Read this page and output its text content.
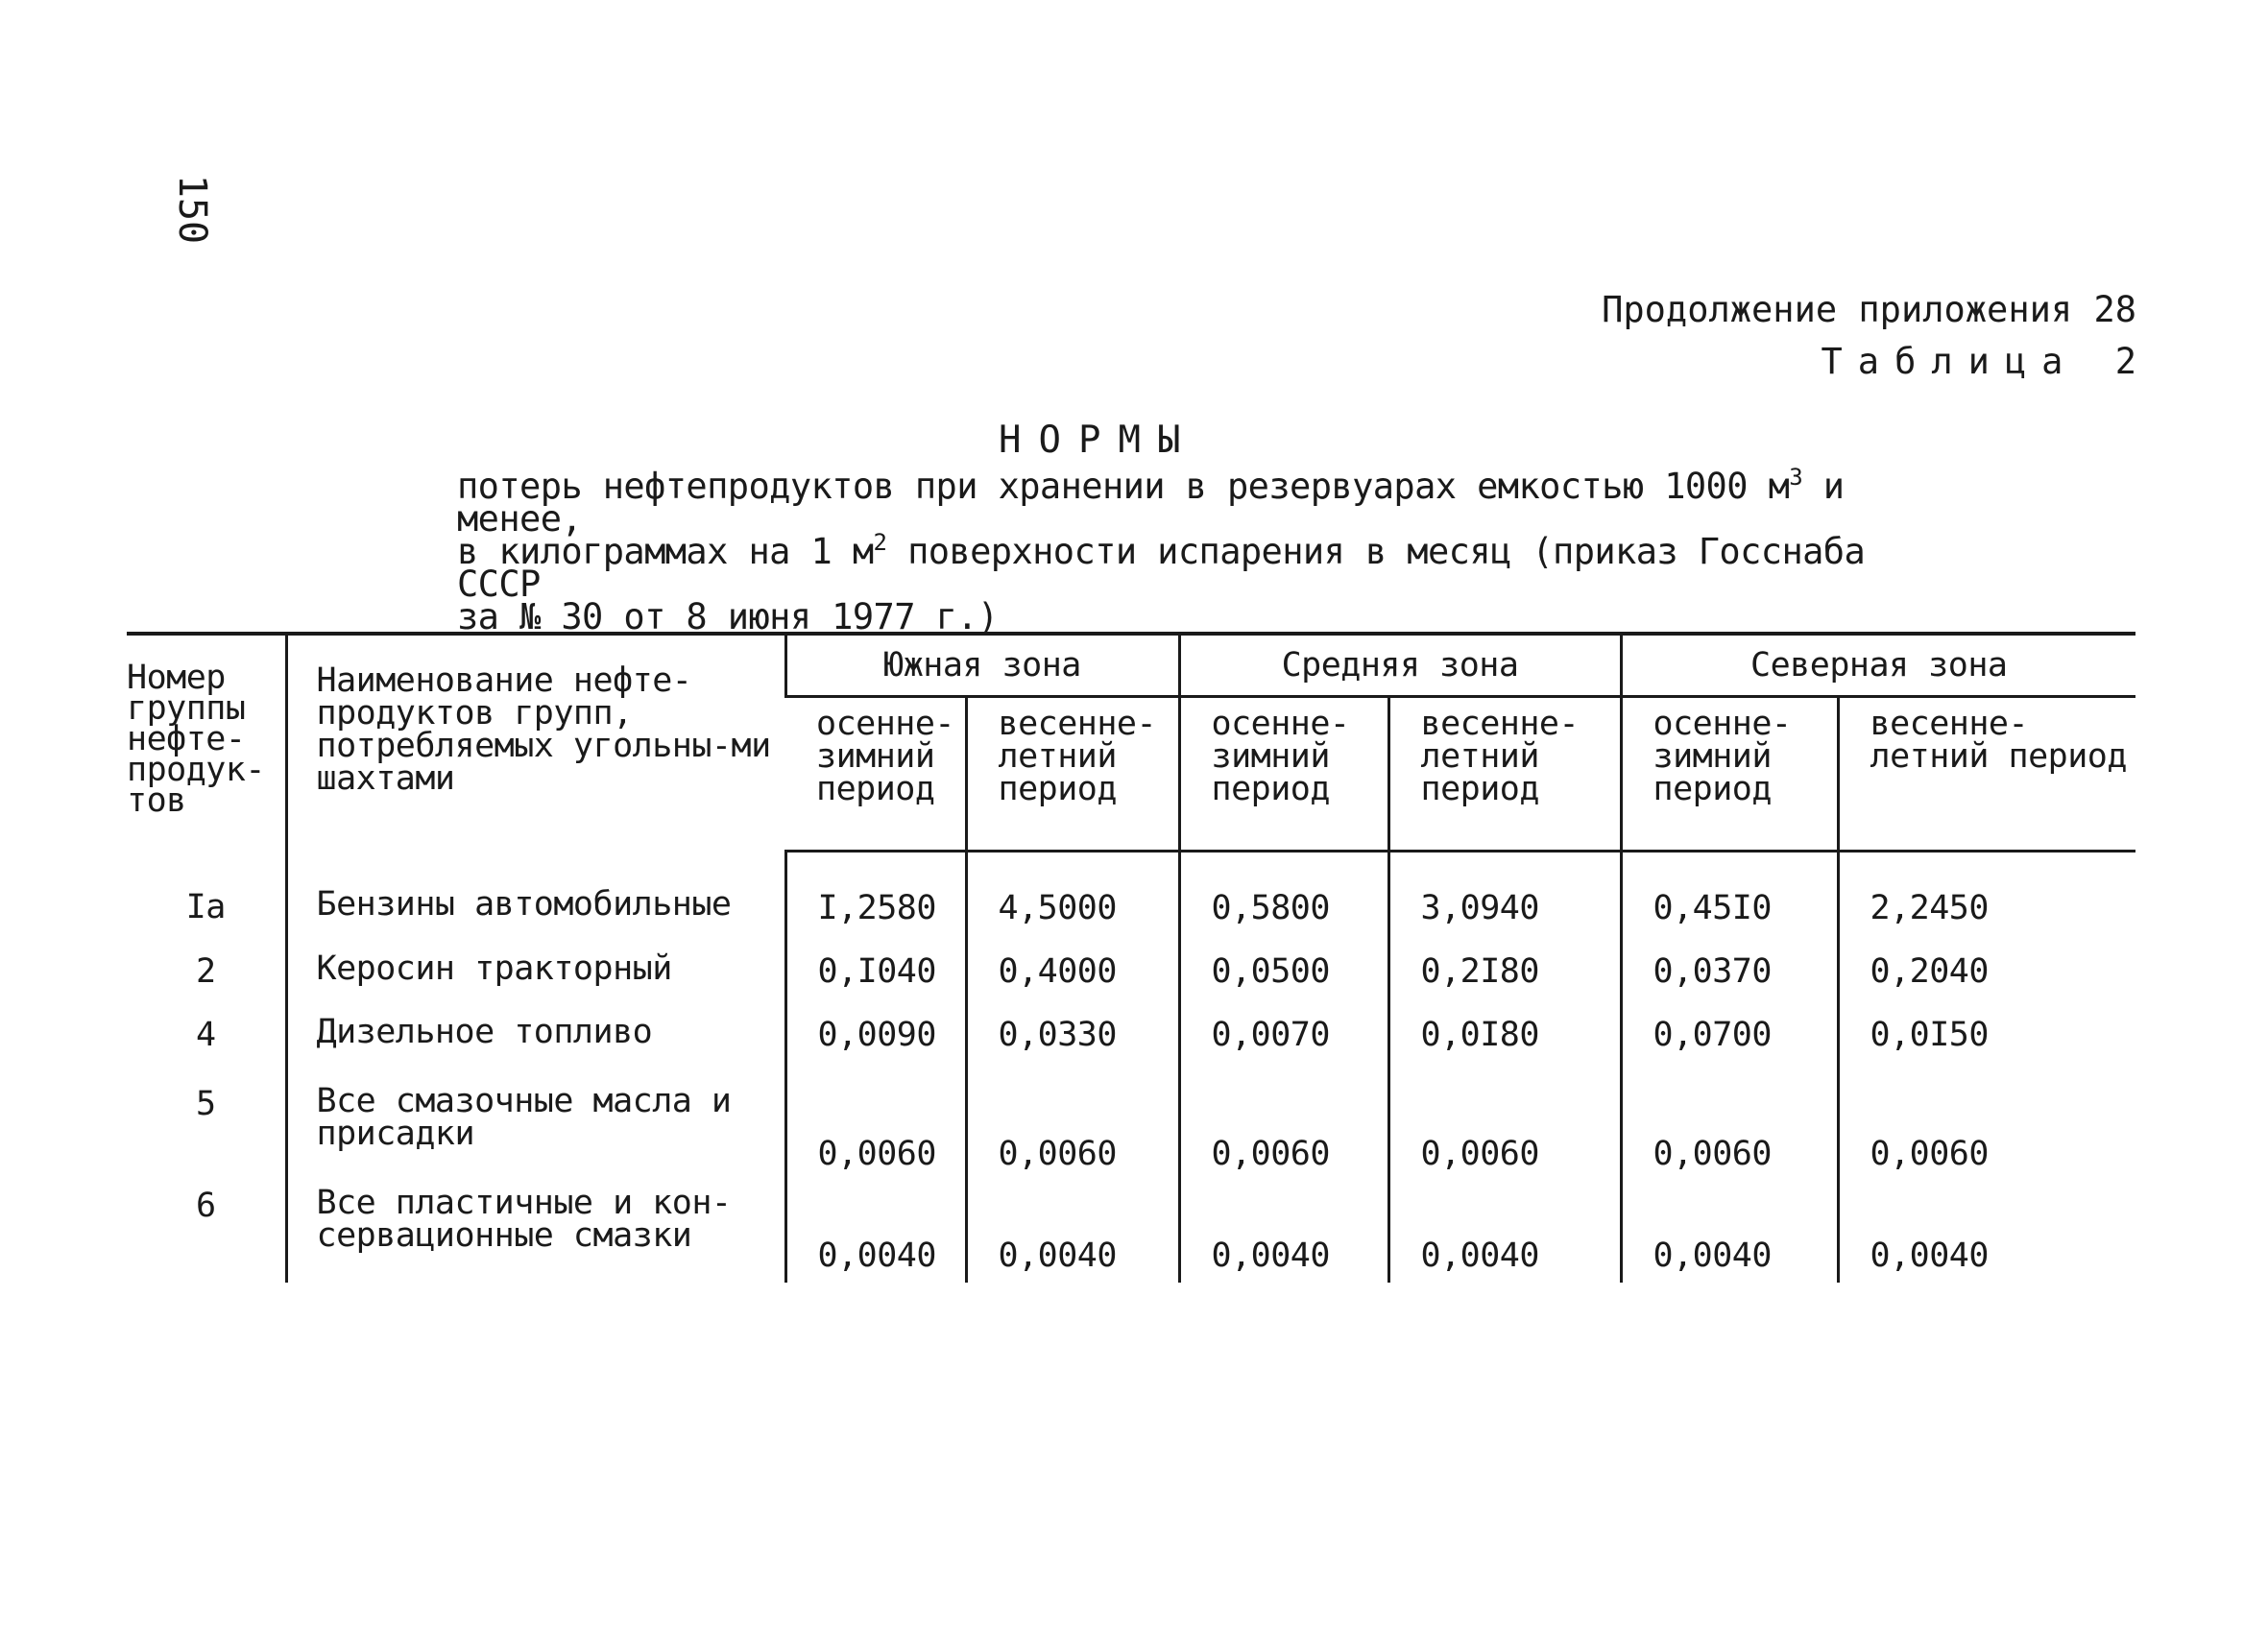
150
Продолжение приложения 28
Таблица 2
НОРМЫ
потерь нефтепродуктов при хранении в резервуарах емкостью 1000 $м^3$ и менее,
в килограммах на 1 $м^2$ поверхности испарения в месяц (приказ Госснаба СССР
за № 30 от 8 июня 1977 г.)
Номер группы нефте-продук-тов	Наименование нефте-продуктов групп, потребляемых угольны-ми шахтами	Южная зона		Средняя зона		Северная зона	
		осенне-зимний период	весенне-летний период	осенне-зимний период	весенне-летний период	осенне-зимний период	весенне-летний период
Iа	Бензины автомобильные	I,2580	4,5000	0,5800	3,0940	0,45I0	2,2450
2	Керосин тракторный	0,I040	0,4000	0,0500	0,2I80	0,0370	0,2040
4	Дизельное топливо	0,0090	0,0330	0,0070	0,0I80	0,0700	0,0I50
5	Все смазочные масла и присадки	0,0060	0,0060	0,0060	0,0060	0,0060	0,0060
6	Все пластичные и кон-сервационные смазки	0,0040	0,0040	0,0040	0,0040	0,0040	0,0040
